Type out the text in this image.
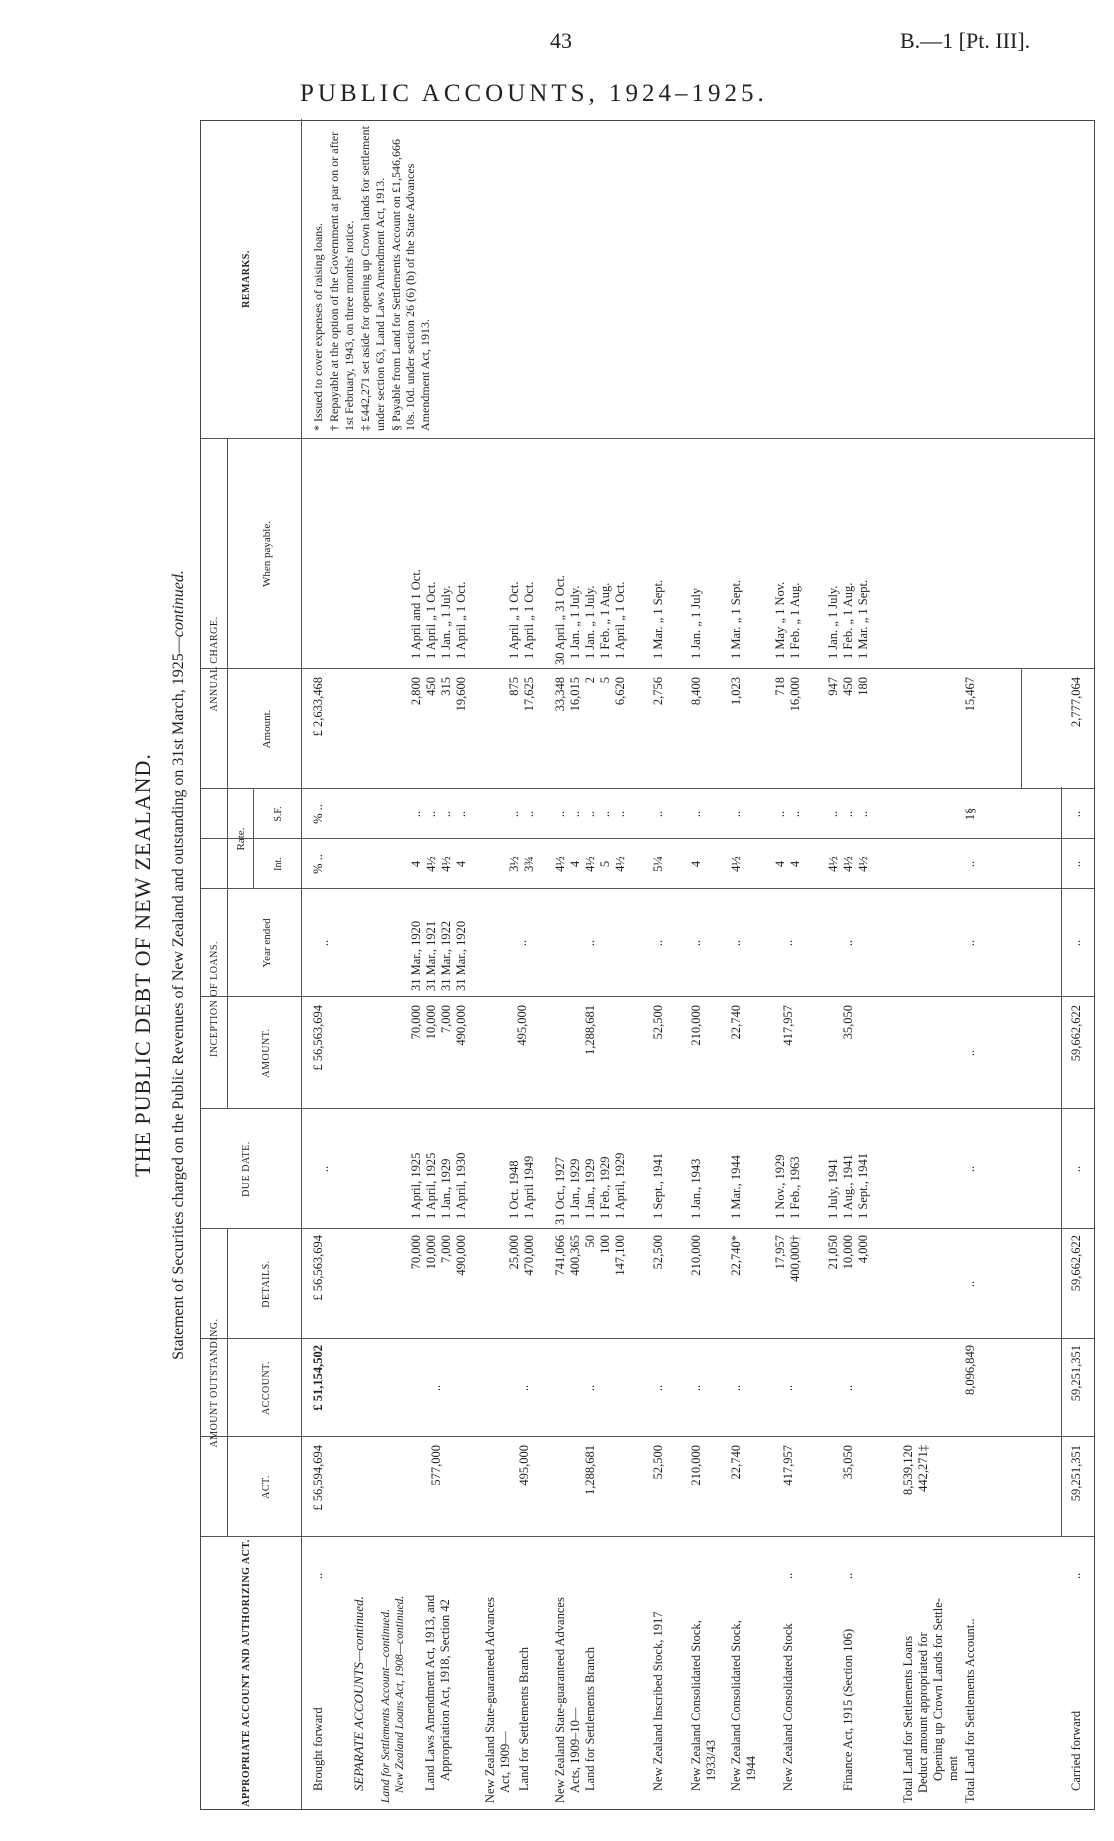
43	B.—1 [Pt. III].
PUBLIC ACCOUNTS, 1924–1925.
THE PUBLIC DEBT OF NEW ZEALAND. Statement of Securities charged on the Public Revenues of New Zealand and outstanding on 31st March, 1925—continued.
APPROPRIATE ACCOUNT AND AUTHORIZING ACT.
AMOUNT OUTSTANDING.
ACT.
ACCOUNT.
DETAILS.
DUE DATE.
INCEPTION OF LOANS.	AMOUNT.
Year ended
ANNUAL CHARGE.
Rate.
Int.
S.F.
Amount.
When payable.
REMARKS.
Brought forward
..
£ 56,594,694
£ 51,154,502
£ 56,563,694
..
£ 56,563,694
..
% ..
% ..
£ 2,633,468
SEPARATE ACCOUNTS—continued. Land for Settlements Account—continued. New Zealand Loans Act, 1908—continued. Land Laws Amendment Act, 1913, and Appropriation Act, 1918, Section 42
577,000
..
70,000 10,000 7,000 490,000
1 April, 1925 1 April, 1925 1 Jan., 1929 1 April, 1930
70,000 10,000 7,000 490,000
31 Mar., 1920 31 Mar., 1921 31 Mar., 1922 31 Mar., 1920
4 4½ 4½ 4
.. .. .. ..
2,800 450 315 19,600
1 April and 1 Oct. 1 April „ 1 Oct. 1 Jan. „ 1 July. 1 April „ 1 Oct.
New Zealand State-guaranteed Advances Act, 1909— Land for Settlements Branch
495,000
..
25,000 470,000
1 Oct. 1948 1 April 1949
495,000
..
3½ 3¾
.. ..
875 17,625
1 April „ 1 Oct. 1 April „ 1 Oct.
New Zealand State-guaranteed Advances Acts, 1909–10— Land for Settlements Branch
1,288,681
..
741,066 400,365 50 100 147,100
31 Oct., 1927 1 Jan., 1929 1 Jan., 1929 1 Feb., 1929 1 April, 1929
1,288,681
..
4½ 4 4½ 5 4½
.. .. .. .. ..
33,348 16,015 2 5 6,620
30 April „ 31 Oct. 1 Jan. „ 1 July. 1 Jan. „ 1 July. 1 Feb. „ 1 Aug. 1 April „ 1 Oct.
New Zealand Inscribed Stock, 1917
52,500
..
52,500
1 Sept., 1941
52,500
..
5¼
..
2,756
1 Mar. „ 1 Sept.
New Zealand Consolidated Stock, 1933/43
210,000
..
210,000
1 Jan., 1943
210,000
..
4
..
8,400
1 Jan. „ 1 July
New Zealand Consolidated Stock, 1944
22,740
..
22,740*
1 Mar., 1944
22,740
..
4½
..
1,023
1 Mar. „ 1 Sept.
New Zealand Consolidated Stock
..
417,957
..
17,957 400,000†
1 Nov., 1929 1 Feb., 1963
417,957
..
4 4
.. ..
718 16,000
1 May „ 1 Nov. 1 Feb. „ 1 Aug.
Finance Act, 1915 (Section 106)
..
35,050
..
21,050 10,000 4,000
1 July, 1941 1 Aug., 1941 1 Sept., 1941
35,050
..
4½ 4½ 4½
.. .. ..
947 450 180
1 Jan. „ 1 July. 1 Feb. „ 1 Aug. 1 Mar. „ 1 Sept.
Total Land for Settlements Loans Deduct amount appropriated for Opening up Crown Lands for Settle- ment Total Land for Settlements Account..
8,539,120 442,271‡
8,096,849
..
..
..
..
..
1§
15,467
Carried forward
..
59,251,351
59,251,351
59,662,622
..
59,662,622
..
..
..
2,777,064
* Issued to cover expenses of raising loans. † Repayable at the option of the Government at par on or after 1st February, 1943, on three months' notice. ‡ £442,271 set aside for opening up Crown lands for settlement under section 63, Land Laws Amendment Act, 1913. § Payable from Land for Settlements Account on £1,546,666 10s. 10d. under section 26 (6) (b) of the State Advances Amendment Act, 1913.
